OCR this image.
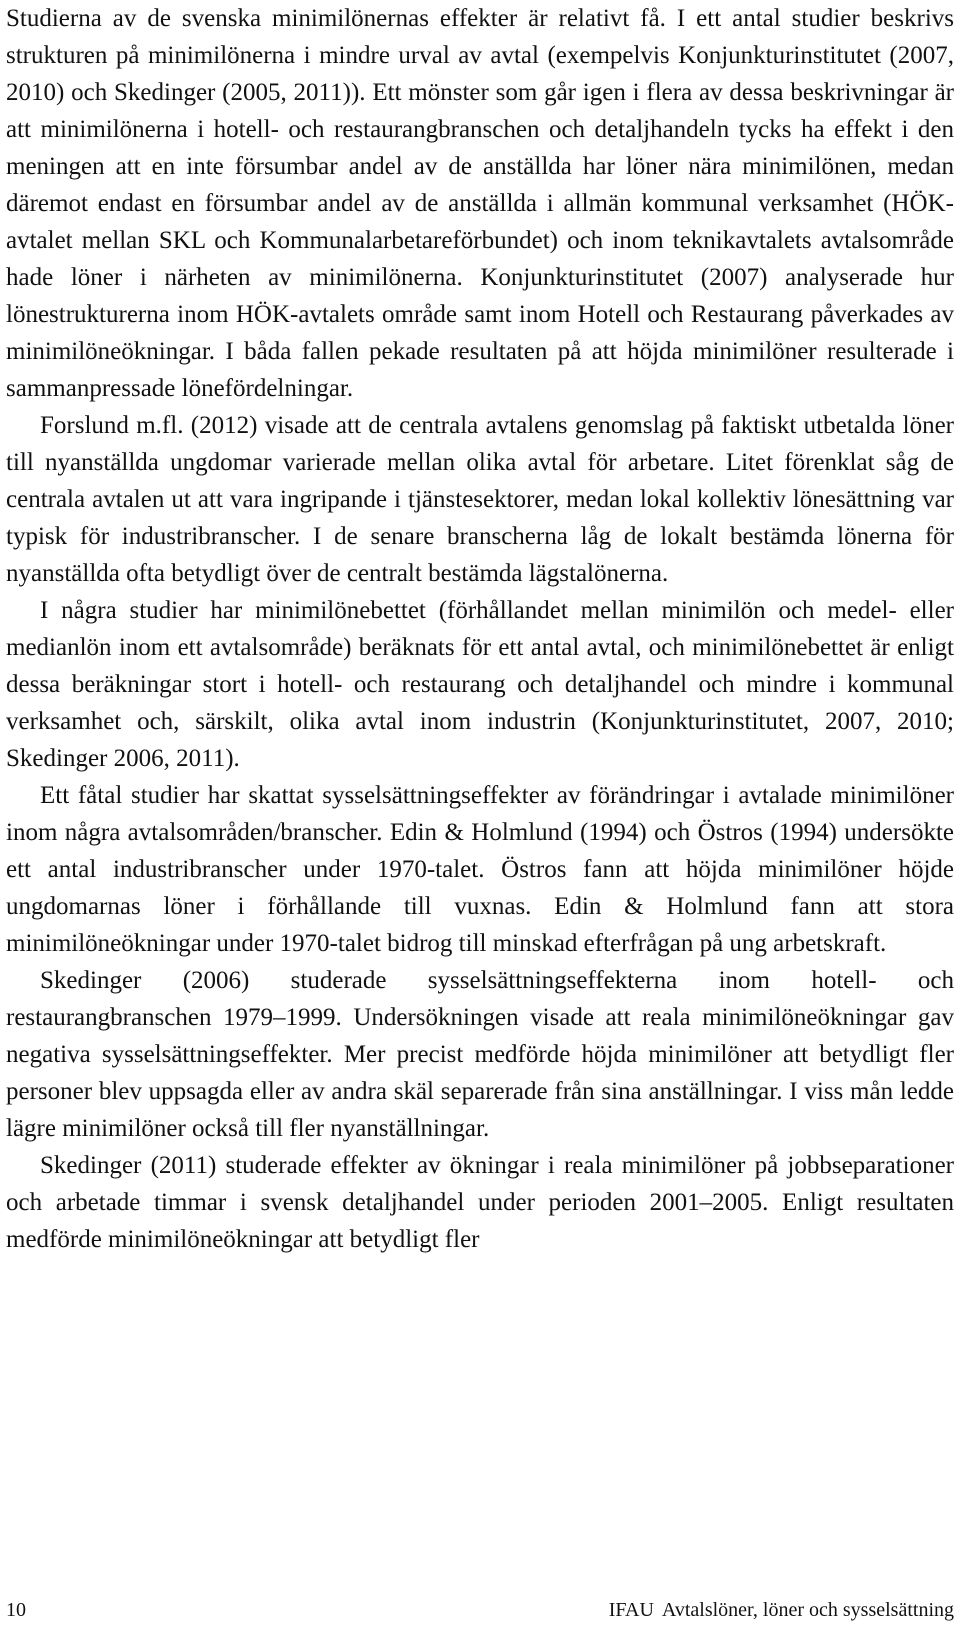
Studierna av de svenska minimilönernas effekter är relativt få. I ett antal studier beskrivs strukturen på minimilönerna i mindre urval av avtal (exempelvis Konjunkturinstitutet (2007, 2010) och Skedinger (2005, 2011)). Ett mönster som går igen i flera av dessa beskrivningar är att minimilönerna i hotell- och restaurangbranschen och detaljhandeln tycks ha effekt i den meningen att en inte försumbar andel av de anställda har löner nära minimilönen, medan däremot endast en försumbar andel av de anställda i allmän kommunal verksamhet (HÖK-avtalet mellan SKL och Kommunalarbetareförbundet) och inom teknikavtalets avtalsområde hade löner i närheten av minimilönerna. Konjunkturinstitutet (2007) analyserade hur lönestrukturerna inom HÖK-avtalets område samt inom Hotell och Restaurang påverkades av minimilöneökningar. I båda fallen pekade resultaten på att höjda minimilöner resulterade i sammanpressade lönefördelningar.

Forslund m.fl. (2012) visade att de centrala avtalens genomslag på faktiskt utbetalda löner till nyanställda ungdomar varierade mellan olika avtal för arbetare. Litet förenklat såg de centrala avtalen ut att vara ingripande i tjänstesektorer, medan lokal kollektiv lönesättning var typisk för industribranscher. I de senare branscherna låg de lokalt bestämda lönerna för nyanställda ofta betydligt över de centralt bestämda lägstalönerna.

I några studier har minimilönebettet (förhållandet mellan minimilön och medel- eller medianlön inom ett avtalsområde) beräknats för ett antal avtal, och minimilönebettet är enligt dessa beräkningar stort i hotell- och restaurang och detaljhandel och mindre i kommunal verksamhet och, särskilt, olika avtal inom industrin (Konjunkturinstitutet, 2007, 2010; Skedinger 2006, 2011).

Ett fåtal studier har skattat sysselsättningseffekter av förändringar i avtalade minimilöner inom några avtalsområden/branscher. Edin & Holmlund (1994) och Östros (1994) undersökte ett antal industribranscher under 1970-talet. Östros fann att höjda minimilöner höjde ungdomarnas löner i förhållande till vuxnas. Edin & Holmlund fann att stora minimilöneökningar under 1970-talet bidrog till minskad efterfrågan på ung arbetskraft.

Skedinger (2006) studerade sysselsättningseffekterna inom hotell- och restaurangbranschen 1979–1999. Undersökningen visade att reala minimilöneökningar gav negativa sysselsättningseffekter. Mer precist medförde höjda minimilöner att betydligt fler personer blev uppsagda eller av andra skäl separerade från sina anställningar. I viss mån ledde lägre minimilöner också till fler nyanställningar.

Skedinger (2011) studerade effekter av ökningar i reala minimilöner på jobbseparationer och arbetade timmar i svensk detaljhandel under perioden 2001–2005. Enligt resultaten medförde minimilöneökningar att betydligt fler

10	IFAU Avtalslöner, löner och sysselsättning
